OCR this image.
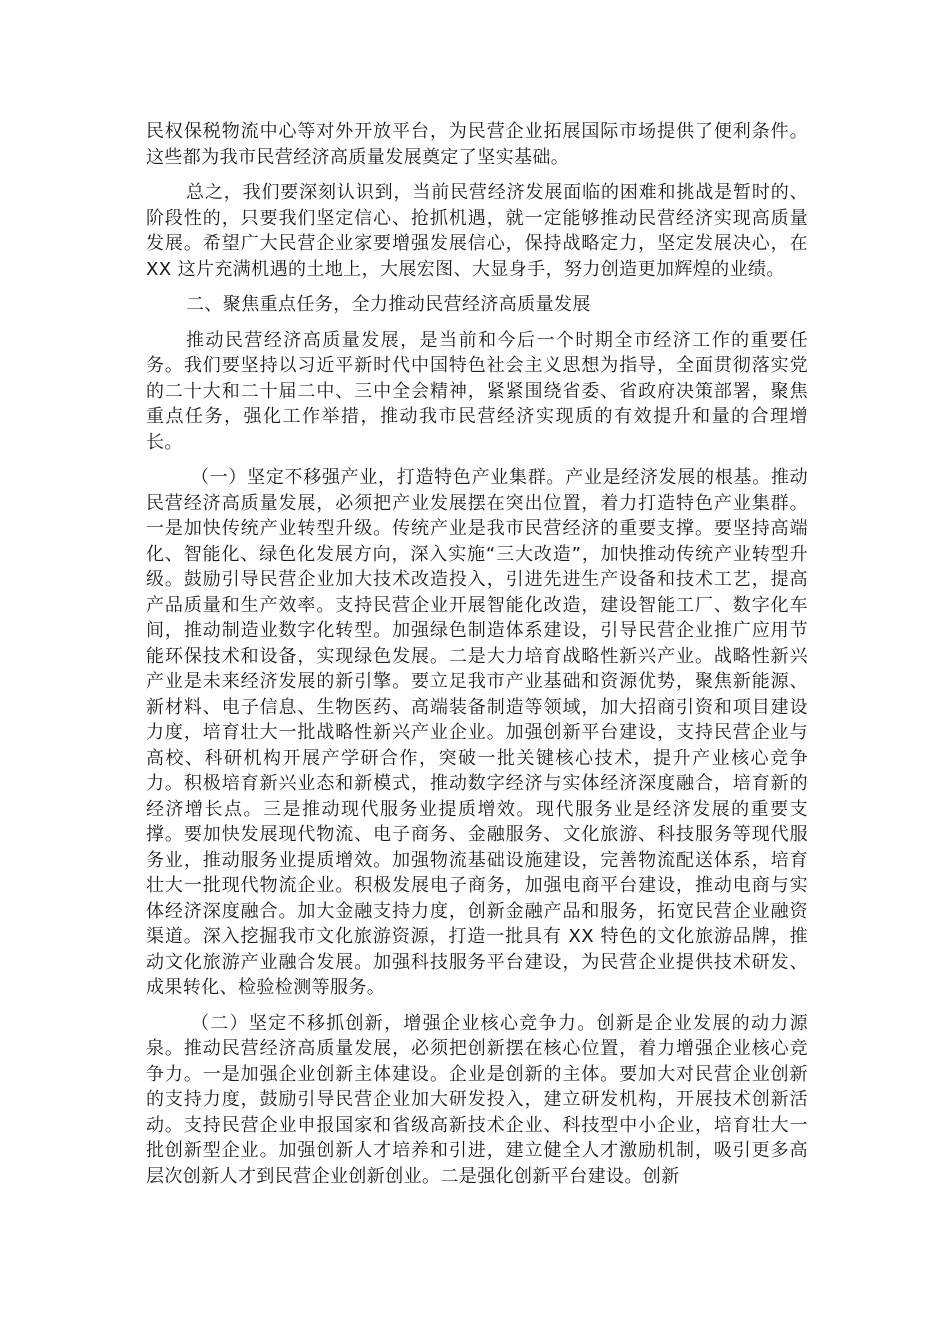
民权保税物流中心等对外开放平台，为民营企业拓展国际市场提供了便利条件。这些都为我市民营经济高质量发展奠定了坚实基础。

总之，我们要深刻认识到，当前民营经济发展面临的困难和挑战是暂时的、阶段性的，只要我们坚定信心、抢抓机遇，就一定能够推动民营经济实现高质量发展。希望广大民营企业家要增强发展信心，保持战略定力，坚定发展决心，在 XX 这片充满机遇的土地上，大展宏图、大显身手，努力创造更加辉煌的业绩。

二、聚焦重点任务，全力推动民营经济高质量发展

推动民营经济高质量发展，是当前和今后一个时期全市经济工作的重要任务。我们要坚持以习近平新时代中国特色社会主义思想为指导，全面贯彻落实党的二十大和二十届二中、三中全会精神，紧紧围绕省委、省政府决策部署，聚焦重点任务，强化工作举措，推动我市民营经济实现质的有效提升和量的合理增长。

（一）坚定不移强产业，打造特色产业集群。产业是经济发展的根基。推动民营经济高质量发展，必须把产业发展摆在突出位置，着力打造特色产业集群。一是加快传统产业转型升级。传统产业是我市民营经济的重要支撑。要坚持高端化、智能化、绿色化发展方向，深入实施“三大改造”，加快推动传统产业转型升级。鼓励引导民营企业加大技术改造投入，引进先进生产设备和技术工艺，提高产品质量和生产效率。支持民营企业开展智能化改造，建设智能工厂、数字化车间，推动制造业数字化转型。加强绿色制造体系建设，引导民营企业推广应用节能环保技术和设备，实现绿色发展。二是大力培育战略性新兴产业。战略性新兴产业是未来经济发展的新引擎。要立足我市产业基础和资源优势，聚焦新能源、新材料、电子信息、生物医药、高端装备制造等领域，加大招商引资和项目建设力度，培育壮大一批战略性新兴产业企业。加强创新平台建设，支持民营企业与高校、科研机构开展产学研合作，突破一批关键核心技术，提升产业核心竞争力。积极培育新兴业态和新模式，推动数字经济与实体经济深度融合，培育新的经济增长点。三是推动现代服务业提质增效。现代服务业是经济发展的重要支撑。要加快发展现代物流、电子商务、金融服务、文化旅游、科技服务等现代服务业，推动服务业提质增效。加强物流基础设施建设，完善物流配送体系，培育壮大一批现代物流企业。积极发展电子商务，加强电商平台建设，推动电商与实体经济深度融合。加大金融支持力度，创新金融产品和服务，拓宽民营企业融资渠道。深入挖掘我市文化旅游资源，打造一批具有 XX 特色的文化旅游品牌，推动文化旅游产业融合发展。加强科技服务平台建设，为民营企业提供技术研发、成果转化、检验检测等服务。

（二）坚定不移抓创新，增强企业核心竞争力。创新是企业发展的动力源泉。推动民营经济高质量发展，必须把创新摆在核心位置，着力增强企业核心竞争力。一是加强企业创新主体建设。企业是创新的主体。要加大对民营企业创新的支持力度，鼓励引导民营企业加大研发投入，建立研发机构，开展技术创新活动。支持民营企业申报国家和省级高新技术企业、科技型中小企业，培育壮大一批创新型企业。加强创新人才培养和引进，建立健全人才激励机制，吸引更多高层次创新人才到民营企业创新创业。二是强化创新平台建设。创新
